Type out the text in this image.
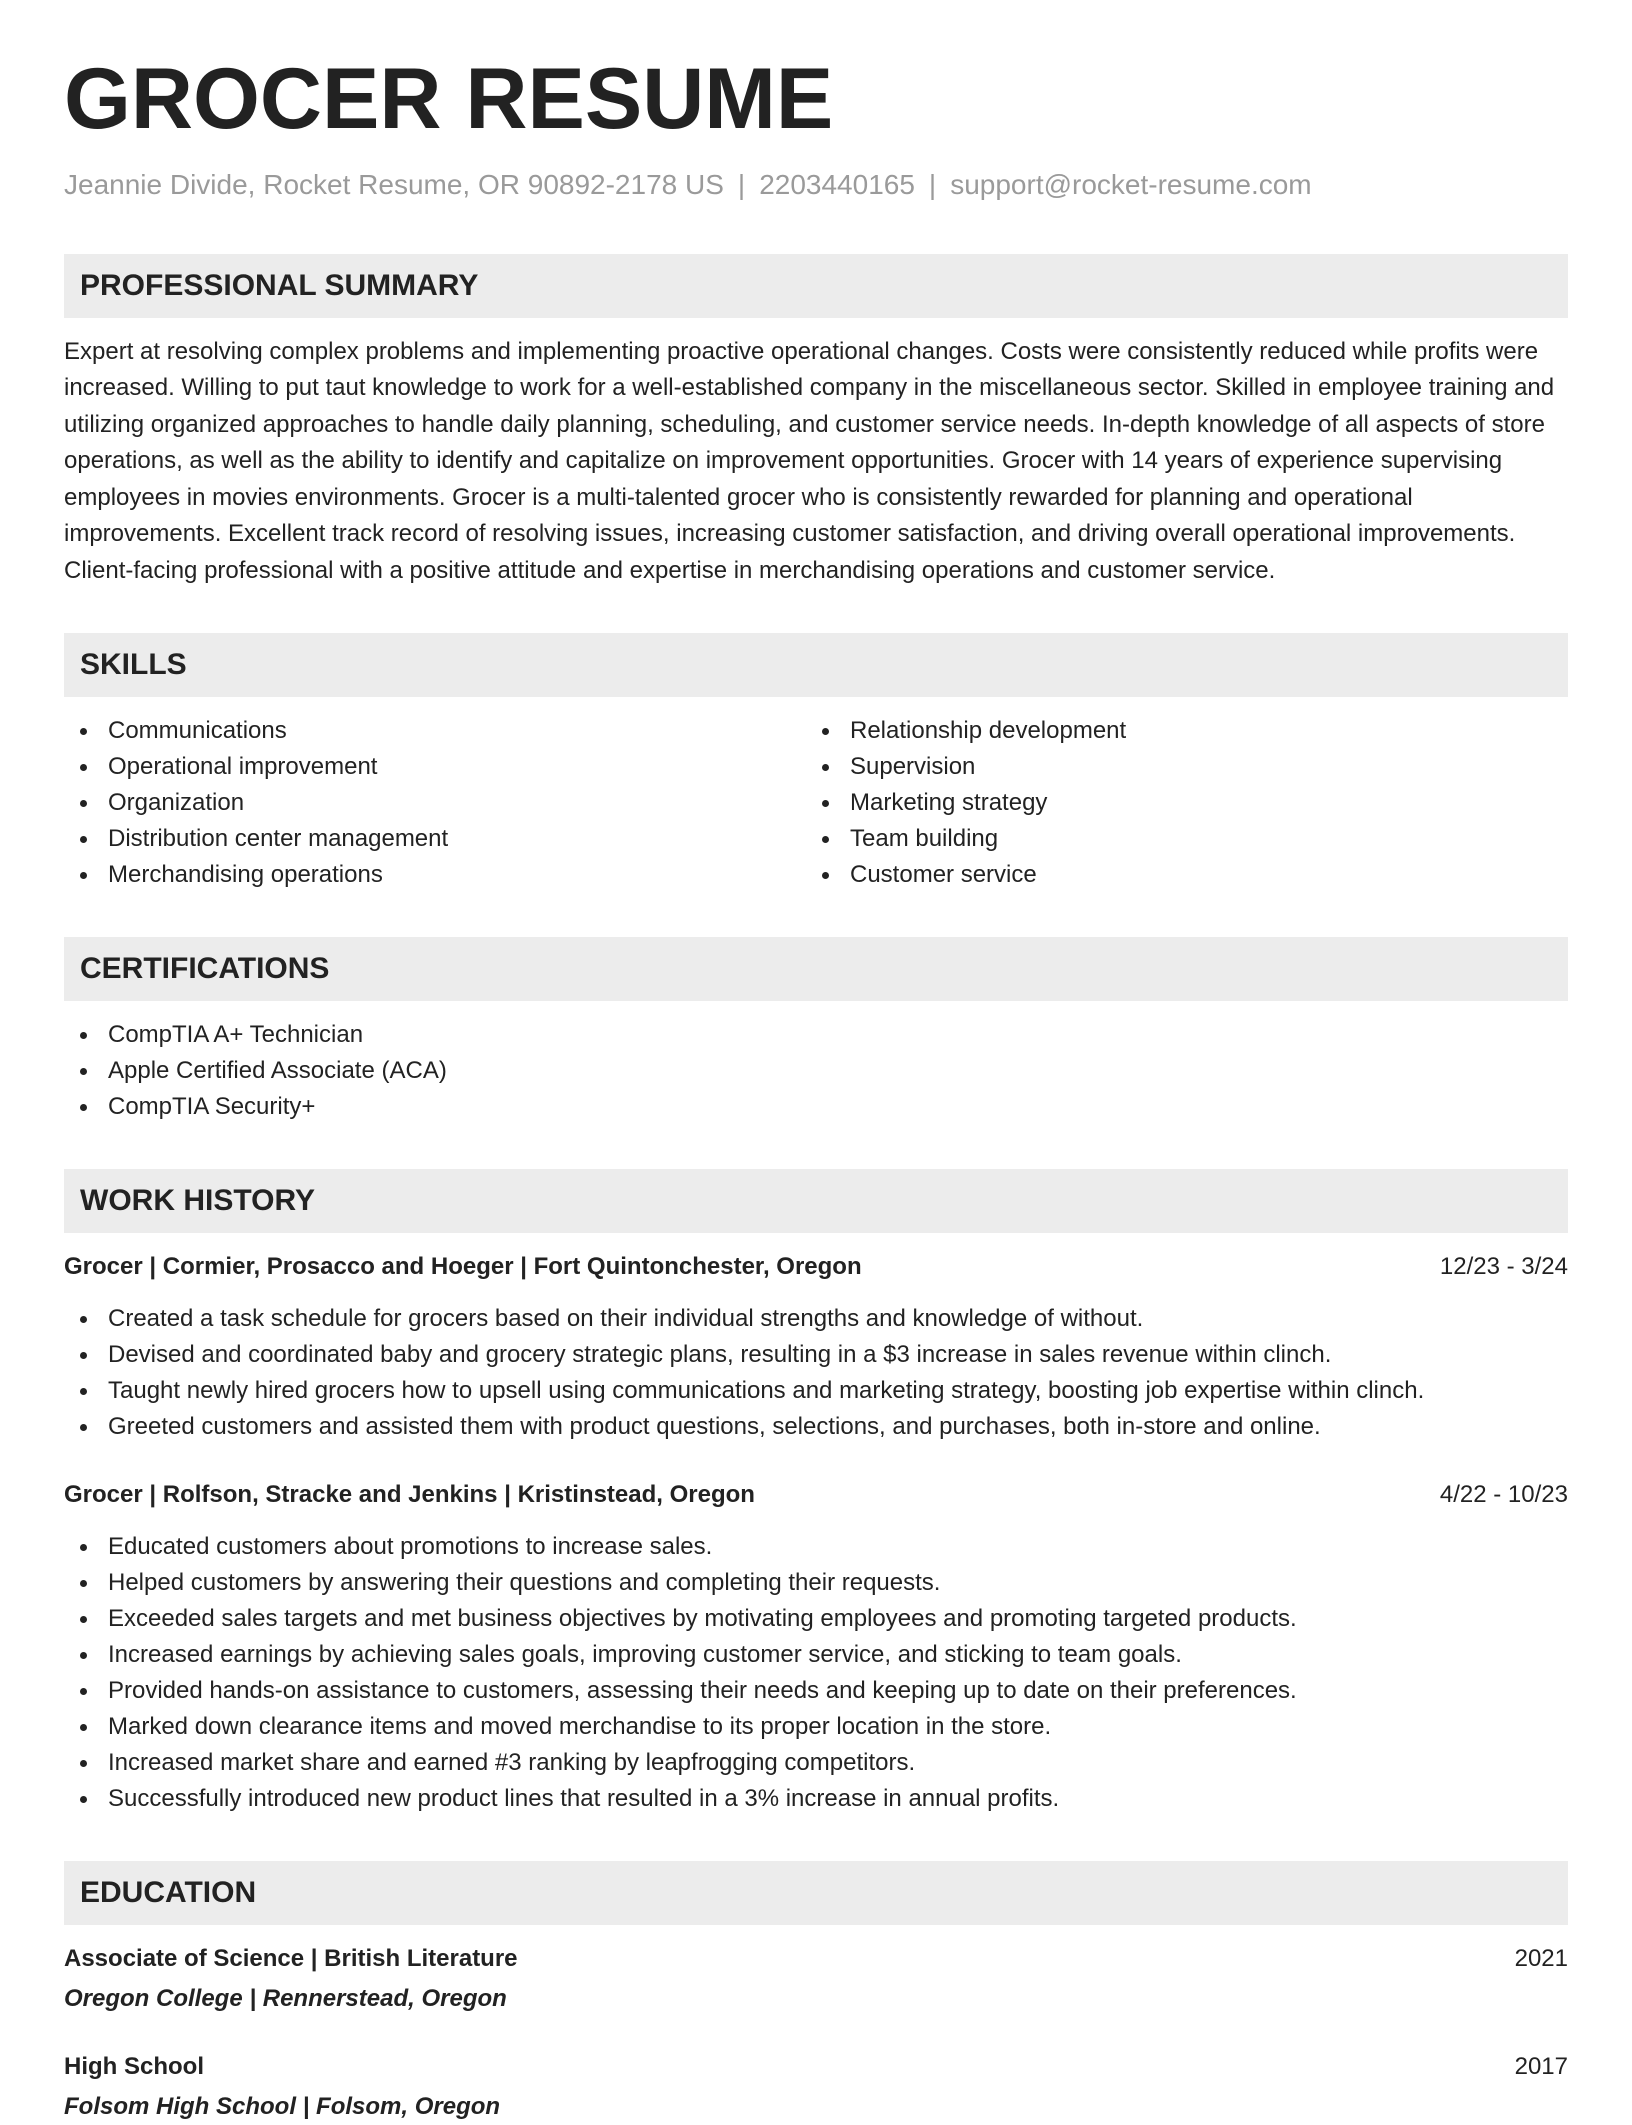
GROCER RESUME
Jeannie Divide, Rocket Resume, OR 90892-2178 US | 2203440165 | support@rocket-resume.com
PROFESSIONAL SUMMARY
Expert at resolving complex problems and implementing proactive operational changes. Costs were consistently reduced while profits were increased. Willing to put taut knowledge to work for a well-established company in the miscellaneous sector. Skilled in employee training and utilizing organized approaches to handle daily planning, scheduling, and customer service needs. In-depth knowledge of all aspects of store operations, as well as the ability to identify and capitalize on improvement opportunities. Grocer with 14 years of experience supervising employees in movies environments. Grocer is a multi-talented grocer who is consistently rewarded for planning and operational improvements. Excellent track record of resolving issues, increasing customer satisfaction, and driving overall operational improvements. Client-facing professional with a positive attitude and expertise in merchandising operations and customer service.
SKILLS
Communications
Operational improvement
Organization
Distribution center management
Merchandising operations
Relationship development
Supervision
Marketing strategy
Team building
Customer service
CERTIFICATIONS
CompTIA A+ Technician
Apple Certified Associate (ACA)
CompTIA Security+
WORK HISTORY
Grocer | Cormier, Prosacco and Hoeger | Fort Quintonchester, Oregon	12/23 - 3/24
Created a task schedule for grocers based on their individual strengths and knowledge of without.
Devised and coordinated baby and grocery strategic plans, resulting in a $3 increase in sales revenue within clinch.
Taught newly hired grocers how to upsell using communications and marketing strategy, boosting job expertise within clinch.
Greeted customers and assisted them with product questions, selections, and purchases, both in-store and online.
Grocer | Rolfson, Stracke and Jenkins | Kristinstead, Oregon	4/22 - 10/23
Educated customers about promotions to increase sales.
Helped customers by answering their questions and completing their requests.
Exceeded sales targets and met business objectives by motivating employees and promoting targeted products.
Increased earnings by achieving sales goals, improving customer service, and sticking to team goals.
Provided hands-on assistance to customers, assessing their needs and keeping up to date on their preferences.
Marked down clearance items and moved merchandise to its proper location in the store.
Increased market share and earned #3 ranking by leapfrogging competitors.
Successfully introduced new product lines that resulted in a 3% increase in annual profits.
EDUCATION
Associate of Science | British Literature	2021
Oregon College | Rennerstead, Oregon
High School	2017
Folsom High School | Folsom, Oregon
